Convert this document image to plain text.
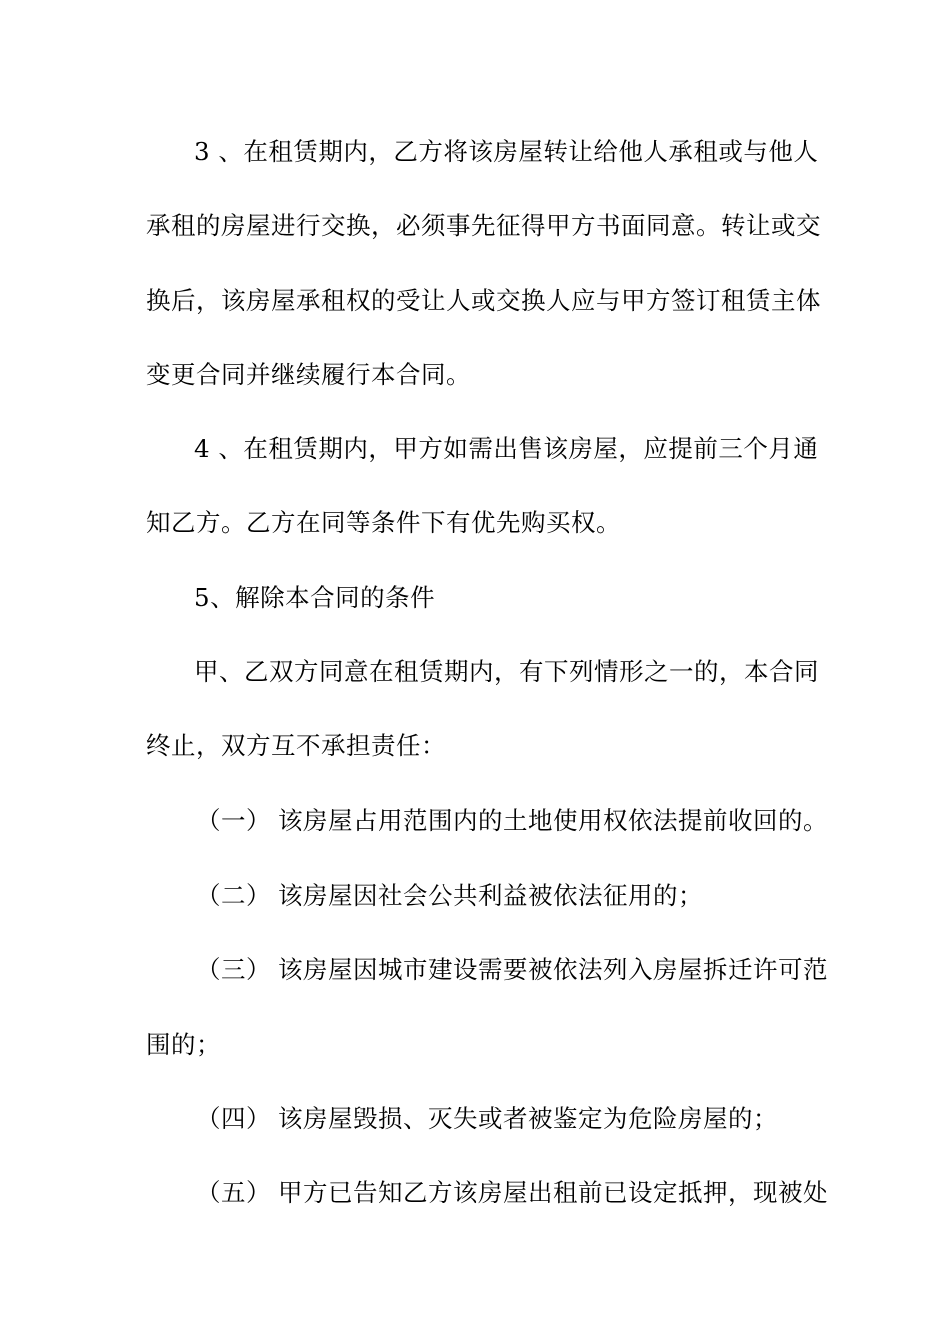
3 、在租赁期内，乙方将该房屋转让给他人承租或与他人
承租的房屋进行交换，必须事先征得甲方书面同意。转让或交
换后，该房屋承租权的受让人或交换人应与甲方签订租赁主体
变更合同并继续履行本合同。
4 、在租赁期内，甲方如需出售该房屋，应提前三个月通
知乙方。乙方在同等条件下有优先购买权。
5、解除本合同的条件
甲、乙双方同意在租赁期内，有下列情形之一的，本合同
终止，双方互不承担责任：
（一） 该房屋占用范围内的土地使用权依法提前收回的。
（二） 该房屋因社会公共利益被依法征用的；
（三） 该房屋因城市建设需要被依法列入房屋拆迁许可范
围的；
（四） 该房屋毁损、灭失或者被鉴定为危险房屋的；
（五） 甲方已告知乙方该房屋出租前已设定抵押，现被处
